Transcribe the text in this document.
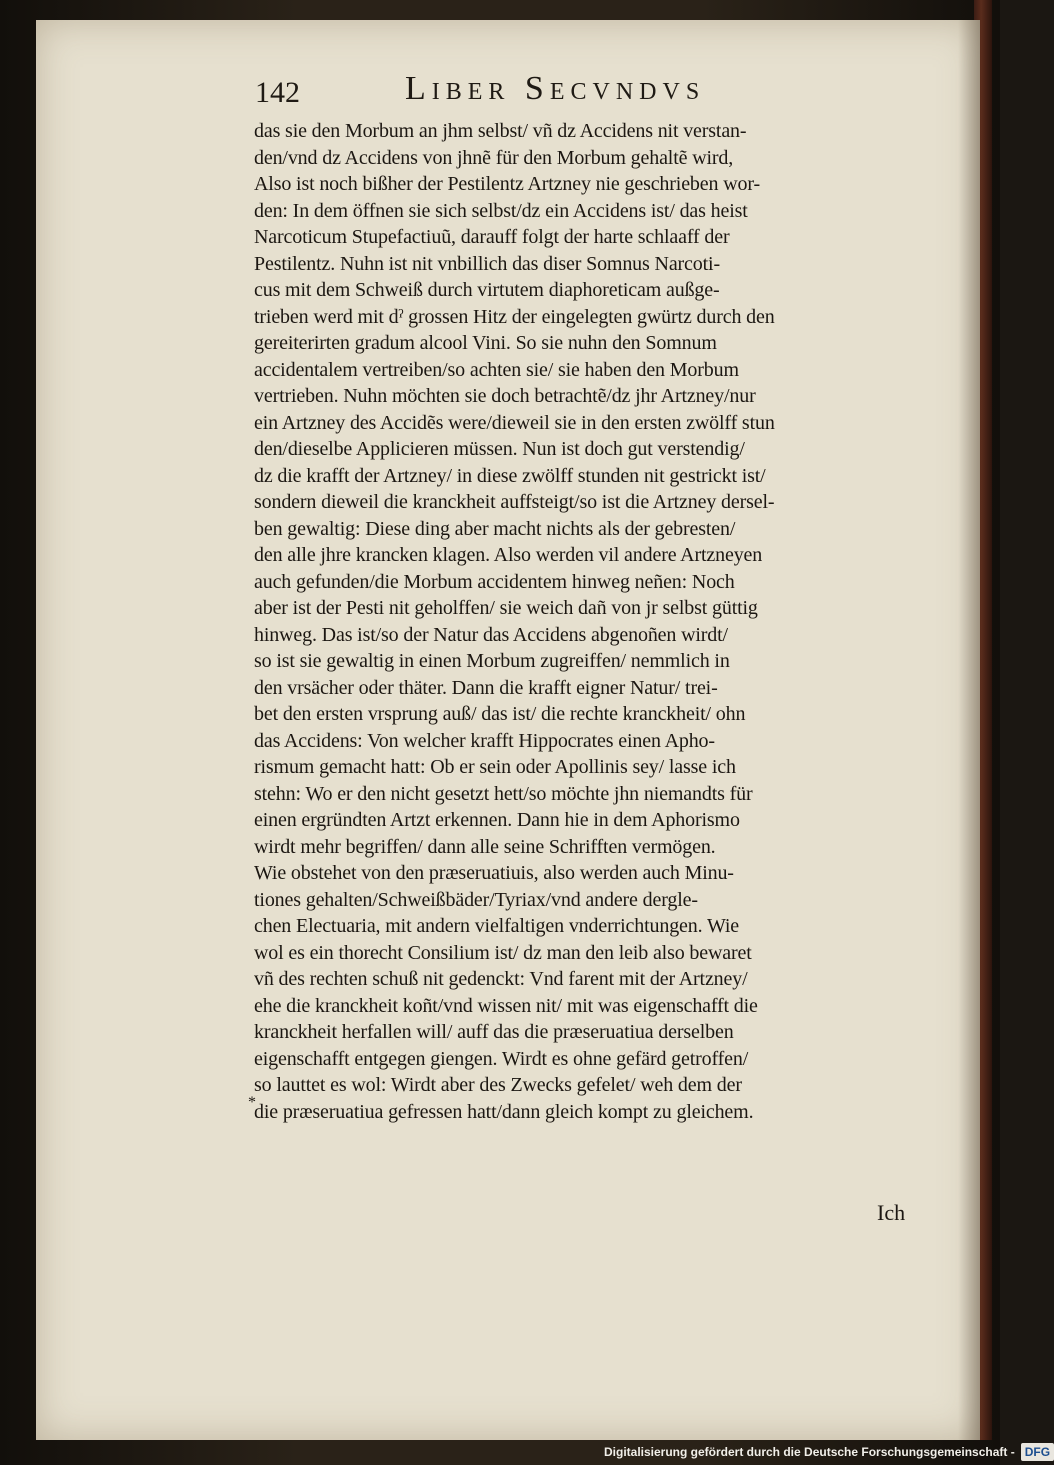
142	Liber Secvndvs
das sie den Morbum an jhm selbst/ vñ dz Accidens nit verstan-
den/vnd dz Accidens von jhnẽ für den Morbum gehaltẽ wird,
Also ist noch bißher der Pestilentz Artzney nie geschrieben wor-
den: In dem öffnen sie sich selbst/dz ein Accidens ist/ das heist
Narcoticum Stupefactiuũ, darauff folgt der harte schlaaff der
Pestilentz. Nuhn ist nit vnbillich das diser Somnus Narcoti-
cus mit dem Schweiß durch virtutem diaphoreticam außge-
trieben werd mit dˀ grossen Hitz der eingelegten gwürtz durch den
gereiterirten gradum alcool Vini. So sie nuhn den Somnum
accidentalem vertreiben/so achten sie/ sie haben den Morbum
vertrieben. Nuhn möchten sie doch betrachtẽ/dz jhr Artzney/nur
ein Artzney des Accidẽs were/dieweil sie in den ersten zwölff stun
den/dieselbe Applicieren müssen. Nun ist doch gut verstendig/
dz die krafft der Artzney/ in diese zwölff stunden nit gestrickt ist/
sondern dieweil die kranckheit auffsteigt/so ist die Artzney dersel-
ben gewaltig: Diese ding aber macht nichts als der gebresten/
den alle jhre krancken klagen. Also werden vil andere Artzneyen
auch gefunden/die Morbum accidentem hinweg neñen: Noch
aber ist der Pesti nit geholffen/ sie weich dañ von jr selbst güttig
hinweg. Das ist/so der Natur das Accidens abgenoñen wirdt/
so ist sie gewaltig in einen Morbum zugreiffen/ nemmlich in
den vrsächer oder thäter. Dann die krafft eigner Natur/ trei-
bet den ersten vrsprung auß/ das ist/ die rechte kranckheit/ ohn
das Accidens: Von welcher krafft Hippocrates einen Apho-
rismum gemacht hatt: Ob er sein oder Apollinis sey/ lasse ich
stehn: Wo er den nicht gesetzt hett/so möchte jhn niemandts für
einen ergründten Artzt erkennen. Dann hie in dem Aphorismo
wirdt mehr begriffen/ dann alle seine Schrifften vermögen.
Wie obstehet von den præseruatiuis, also werden auch Minu-
tiones gehalten/Schweißbäder/Tyriax/vnd andere dergle-
chen Electuaria, mit andern vielfaltigen vnderrichtungen. Wie
wol es ein thorecht Consilium ist/ dz man den leib also bewaret
vñ des rechten schuß nit gedenckt: Vnd farent mit der Artzney/
ehe die kranckheit koñt/vnd wissen nit/ mit was eigenschafft die
kranckheit herfallen will/ auff das die præseruatiua derselben
eigenschafft entgegen giengen. Wirdt es ohne gefärd getroffen/
so lauttet es wol: Wirdt aber des Zwecks gefelet/ weh dem der
die præseruatiua gefressen hatt/dann gleich kompt zu gleichem.
*
Ich
Digitalisierung gefördert durch die Deutsche Forschungsgemeinschaft - DFG
